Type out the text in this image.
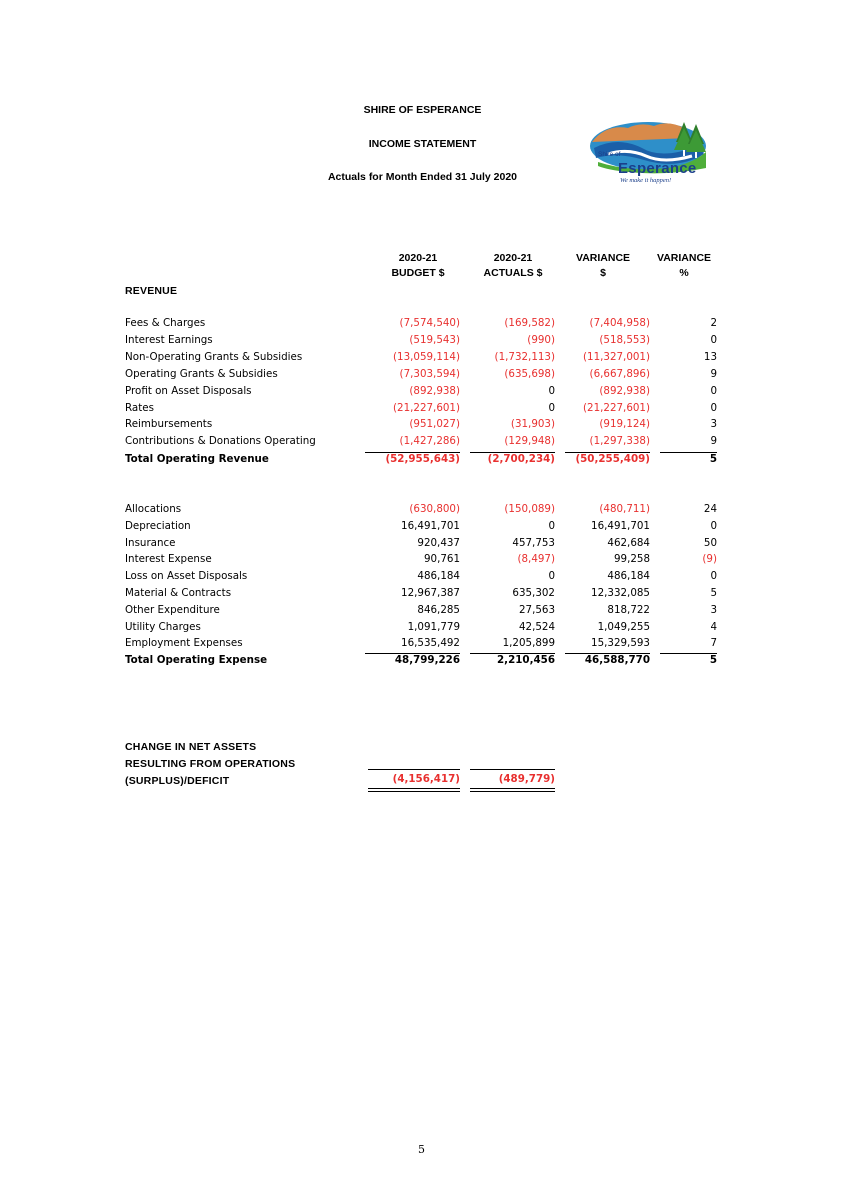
SHIRE OF ESPERANCE
INCOME STATEMENT
Actuals for Month Ended 31 July 2020
Shire of
Esperance
We make it happen!
2020-21
BUDGET $
2020-21
ACTUALS $
VARIANCE
$
VARIANCE
%
REVENUE
Fees & Charges	(7,574,540)	(169,582)	(7,404,958)	2
Interest Earnings	(519,543)	(990)	(518,553)	0
Non-Operating Grants & Subsidies	(13,059,114)	(1,732,113)	(11,327,001)	13
Operating Grants & Subsidies	(7,303,594)	(635,698)	(6,667,896)	9
Profit on Asset Disposals	(892,938)	0	(892,938)	0
Rates	(21,227,601)	0	(21,227,601)	0
Reimbursements	(951,027)	(31,903)	(919,124)	3
Contributions & Donations Operating	(1,427,286)	(129,948)	(1,297,338)	9
Total Operating Revenue	(52,955,643)	(2,700,234)	(50,255,409)	5
Allocations	(630,800)	(150,089)	(480,711)	24
Depreciation	16,491,701	0	16,491,701	0
Insurance	920,437	457,753	462,684	50
Interest Expense	90,761	(8,497)	99,258	(9)
Loss on Asset Disposals	486,184	0	486,184	0
Material & Contracts	12,967,387	635,302	12,332,085	5
Other Expenditure	846,285	27,563	818,722	3
Utility Charges	1,091,779	42,524	1,049,255	4
Employment Expenses	16,535,492	1,205,899	15,329,593	7
Total Operating Expense	48,799,226	2,210,456	46,588,770	5
CHANGE IN NET ASSETS
RESULTING FROM OPERATIONS
(SURPLUS)/DEFICIT	(4,156,417)	(489,779)
5
